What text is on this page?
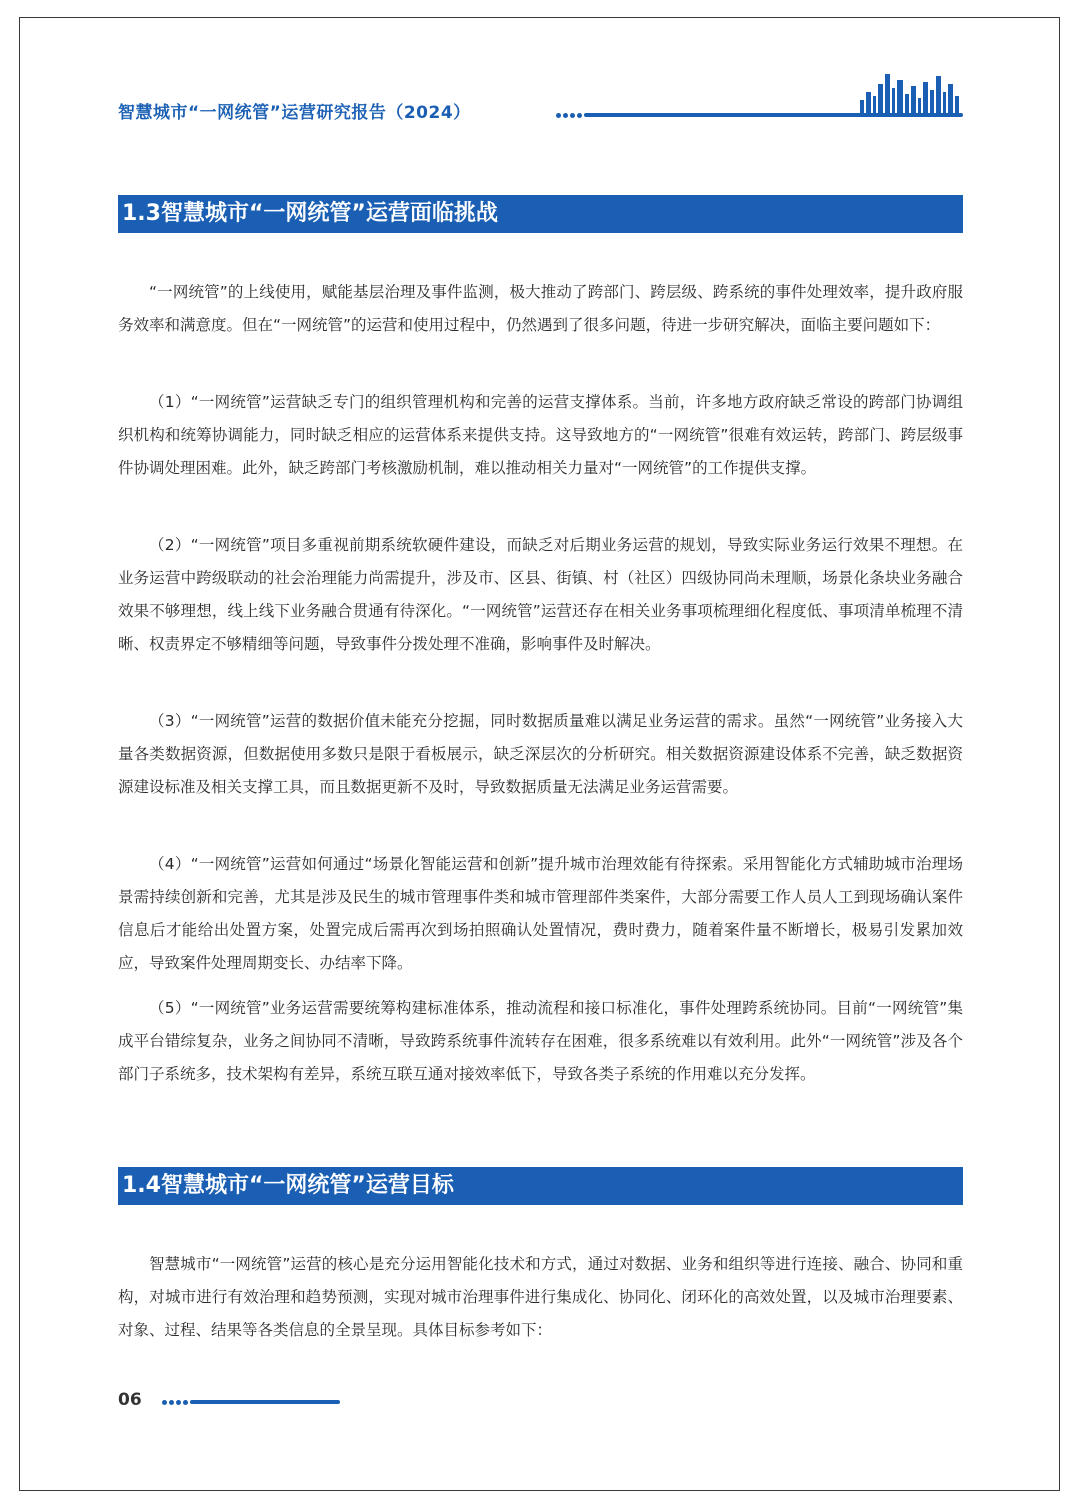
智慧城市“一网统管”运营研究报告（2024）
1.3智慧城市“一网统管”运营面临挑战

“一网统管”的上线使用，赋能基层治理及事件监测，极大推动了跨部门、跨层级、跨系统的事件处理效率，提升政府服务效率和满意度。但在“一网统管”的运营和使用过程中，仍然遇到了很多问题，待进一步研究解决，面临主要问题如下：

（1）“一网统管”运营缺乏专门的组织管理机构和完善的运营支撑体系。当前，许多地方政府缺乏常设的跨部门协调组织机构和统筹协调能力，同时缺乏相应的运营体系来提供支持。这导致地方的“一网统管”很难有效运转，跨部门、跨层级事件协调处理困难。此外，缺乏跨部门考核激励机制，难以推动相关力量对“一网统管”的工作提供支撑。

（2）“一网统管”项目多重视前期系统软硬件建设，而缺乏对后期业务运营的规划，导致实际业务运行效果不理想。在业务运营中跨级联动的社会治理能力尚需提升，涉及市、区县、街镇、村（社区）四级协同尚未理顺，场景化条块业务融合效果不够理想，线上线下业务融合贯通有待深化。“一网统管”运营还存在相关业务事项梳理细化程度低、事项清单梳理不清晰、权责界定不够精细等问题，导致事件分拨处理不准确，影响事件及时解决。

（3）“一网统管”运营的数据价值未能充分挖掘，同时数据质量难以满足业务运营的需求。虽然“一网统管”业务接入大量各类数据资源，但数据使用多数只是限于看板展示，缺乏深层次的分析研究。相关数据资源建设体系不完善，缺乏数据资源建设标准及相关支撑工具，而且数据更新不及时，导致数据质量无法满足业务运营需要。

（4）“一网统管”运营如何通过“场景化智能运营和创新”提升城市治理效能有待探索。采用智能化方式辅助城市治理场景需持续创新和完善，尤其是涉及民生的城市管理事件类和城市管理部件类案件，大部分需要工作人员人工到现场确认案件信息后才能给出处置方案，处置完成后需再次到场拍照确认处置情况，费时费力，随着案件量不断增长，极易引发累加效应，导致案件处理周期变长、办结率下降。

（5）“一网统管”业务运营需要统筹构建标准体系，推动流程和接口标准化，事件处理跨系统协同。目前“一网统管”集成平台错综复杂，业务之间协同不清晰，导致跨系统事件流转存在困难，很多系统难以有效利用。此外“一网统管”涉及各个部门子系统多，技术架构有差异，系统互联互通对接效率低下，导致各类子系统的作用难以充分发挥。

1.4智慧城市“一网统管”运营目标

智慧城市“一网统管”运营的核心是充分运用智能化技术和方式，通过对数据、业务和组织等进行连接、融合、协同和重构，对城市进行有效治理和趋势预测，实现对城市治理事件进行集成化、协同化、闭环化的高效处置，以及城市治理要素、对象、过程、结果等各类信息的全景呈现。具体目标参考如下：

06
